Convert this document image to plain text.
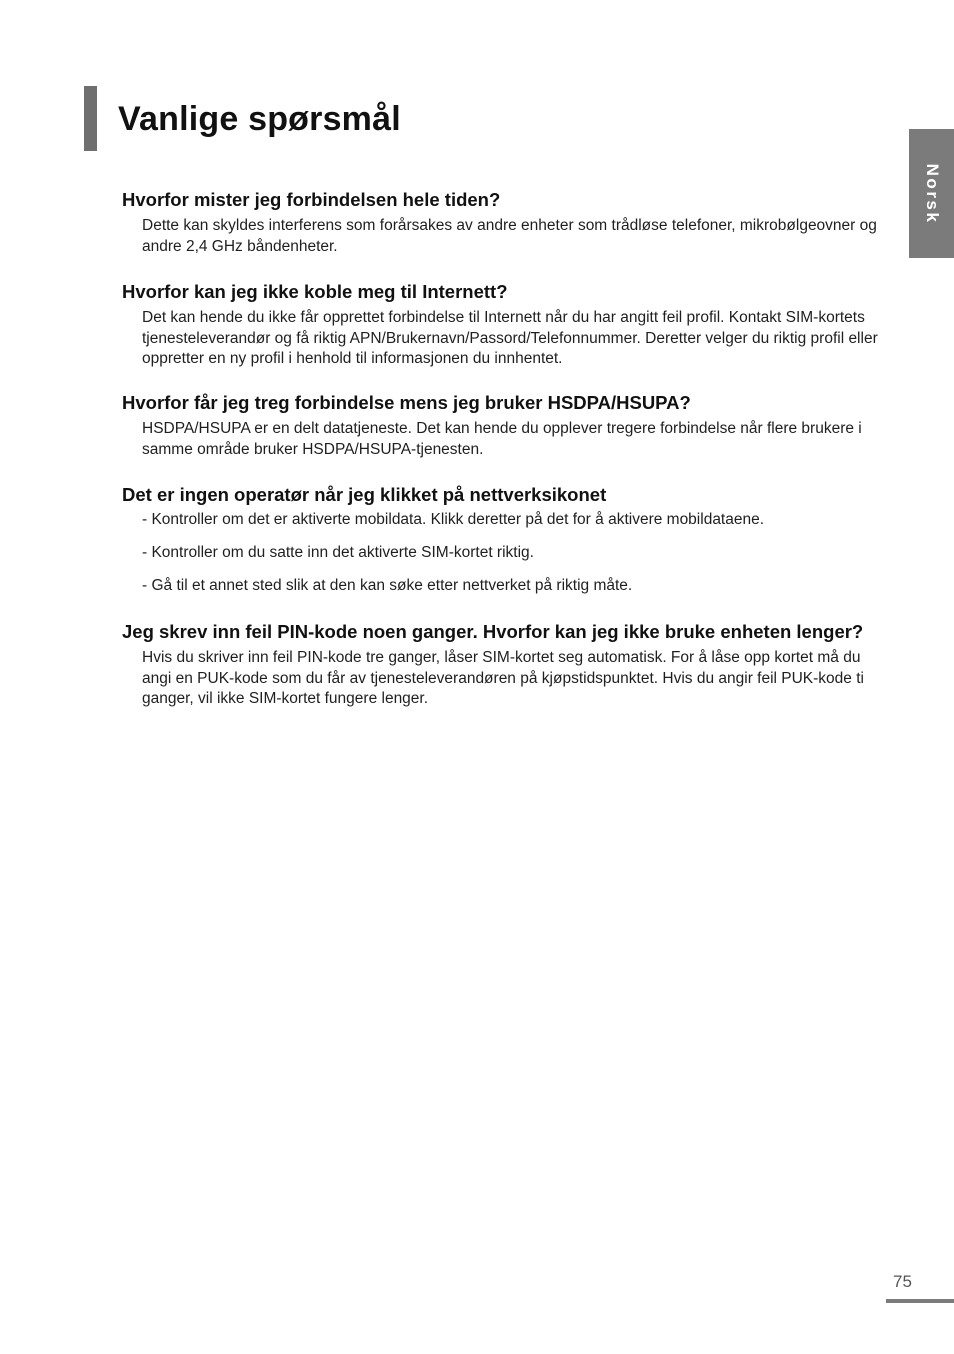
Vanlige spørsmål
Norsk
Hvorfor mister jeg forbindelsen hele tiden?

Dette kan skyldes interferens som forårsakes av andre enheter som trådløse telefoner, mikrobølgeovner og andre 2,4 GHz båndenheter.

Hvorfor kan jeg ikke koble meg til Internett?

Det kan hende du ikke får opprettet forbindelse til Internett når du har angitt feil profil. Kontakt SIM-kortets tjenesteleverandør og få riktig APN/Brukernavn/Passord/Telefonnummer. Deretter velger du riktig profil eller oppretter en ny profil i henhold til informasjonen du innhentet.

Hvorfor får jeg treg forbindelse mens jeg bruker HSDPA/HSUPA?

HSDPA/HSUPA er en delt datatjeneste. Det kan hende du opplever tregere forbindelse når flere brukere i samme område bruker HSDPA/HSUPA-tjenesten.

Det er ingen operatør når jeg klikket på nettverksikonet
- Kontroller om det er aktiverte mobildata. Klikk deretter på det for å aktivere mobildataene.
- Kontroller om du satte inn det aktiverte SIM-kortet riktig.
- Gå til et annet sted slik at den kan søke etter nettverket på riktig måte.
Jeg skrev inn feil PIN-kode noen ganger. Hvorfor kan jeg ikke bruke enheten lenger?

Hvis du skriver inn feil PIN-kode tre ganger, låser SIM-kortet seg automatisk. For å låse opp kortet må du angi en PUK-kode som du får av tjenesteleverandøren på kjøpstidspunktet. Hvis du angir feil PUK-kode ti ganger, vil ikke SIM-kortet fungere lenger.

75
